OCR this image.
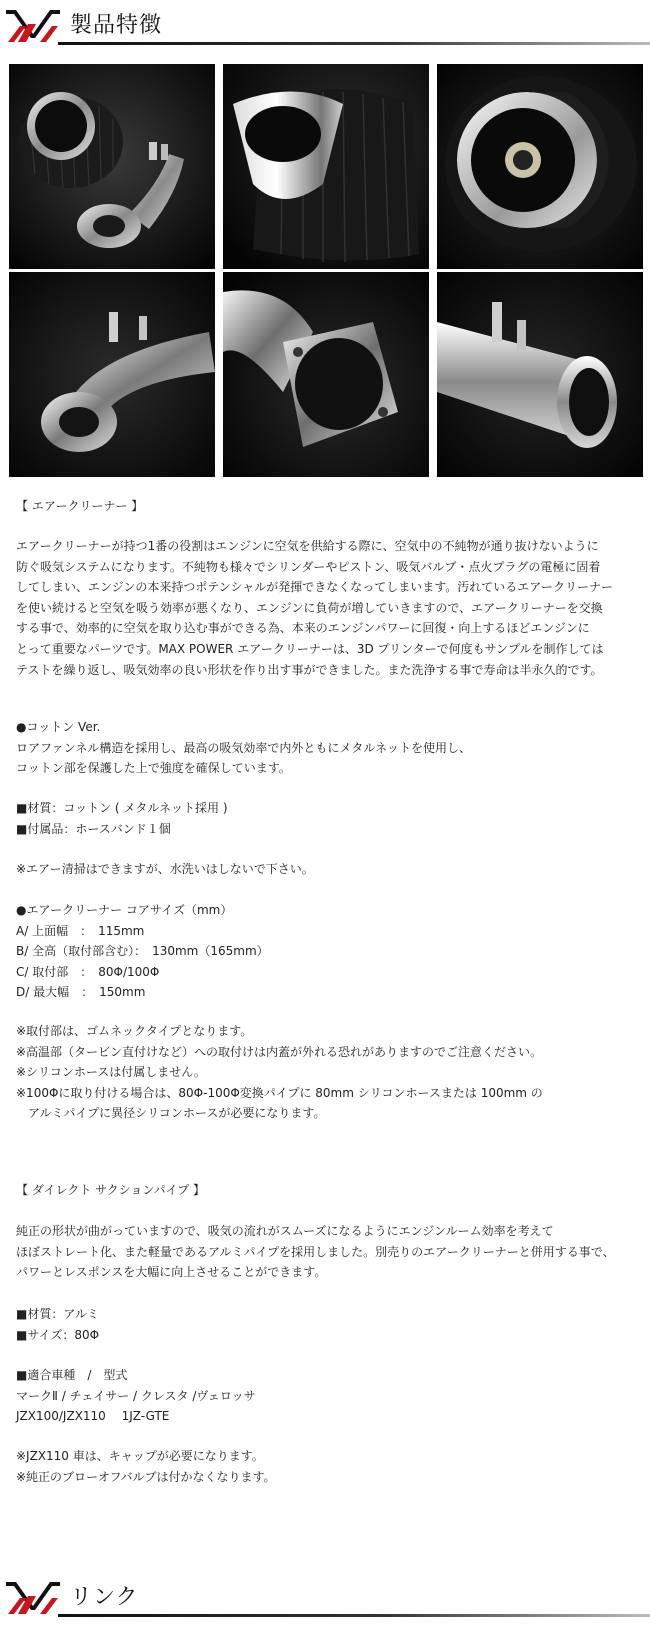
製品特徴

【 エアークリーナー 】

エアークリーナーが持つ1番の役割はエンジンに空気を供給する際に、空気中の不純物が通り抜けないように

防ぐ吸気システムになります。不純物も様々でシリンダーやピストン、吸気バルブ・点火プラグの電極に固着

してしまい、エンジンの本来持つポテンシャルが発揮できなくなってしまいます。汚れているエアークリーナー

を使い続けると空気を吸う効率が悪くなり、エンジンに負荷が増していきますので、エアークリーナーを交換

する事で、効率的に空気を取り込む事ができる為、本来のエンジンパワーに回復・向上するほどエンジンに

とって重要なパーツです。MAX POWER エアークリーナーは、3D プリンターで何度もサンプルを制作しては

テストを繰り返し、吸気効率の良い形状を作り出す事ができました。また洗浄する事で寿命は半永久的です。

●コットン Ver.

ロアファンネル構造を採用し、最高の吸気効率で内外ともにメタルネットを使用し、

コットン部を保護した上で強度を確保しています。

■材質：コットン ( メタルネット採用 )

■付属品：ホースバンド１個

※エアー清掃はできますが、水洗いはしないで下さい。

●エアークリーナー コアサイズ（mm）

A/ 上面幅　：　115mm

B/ 全高（取付部含む）：　130mm（165mm）

C/ 取付部　：　80Φ/100Φ

D/ 最大幅　：　150mm

※取付部は、ゴムネックタイプとなります。

※高温部（タービン直付けなど）への取付けは内蓋が外れる恐れがありますのでご注意ください。

※シリコンホースは付属しません。

※100Φに取り付ける場合は、80Φ-100Φ変換パイプに 80mm シリコンホースまたは 100mm の

　アルミパイプに異径シリコンホースが必要になります。

【 ダイレクト サクションパイプ 】

純正の形状が曲がっていますので、吸気の流れがスムーズになるようにエンジンルーム効率を考えて

ほぼストレート化、また軽量であるアルミパイプを採用しました。別売りのエアークリーナーと併用する事で、

パワーとレスポンスを大幅に向上させることができます。

■材質：アルミ

■サイズ：80Φ

■適合車種　/　型式

マークⅡ / チェイサー / クレスタ /ヴェロッサ

JZX100/JZX110　 1JZ-GTE

※JZX110 車は、キャップが必要になります。

※純正のブローオフバルブは付かなくなります。

リンク
